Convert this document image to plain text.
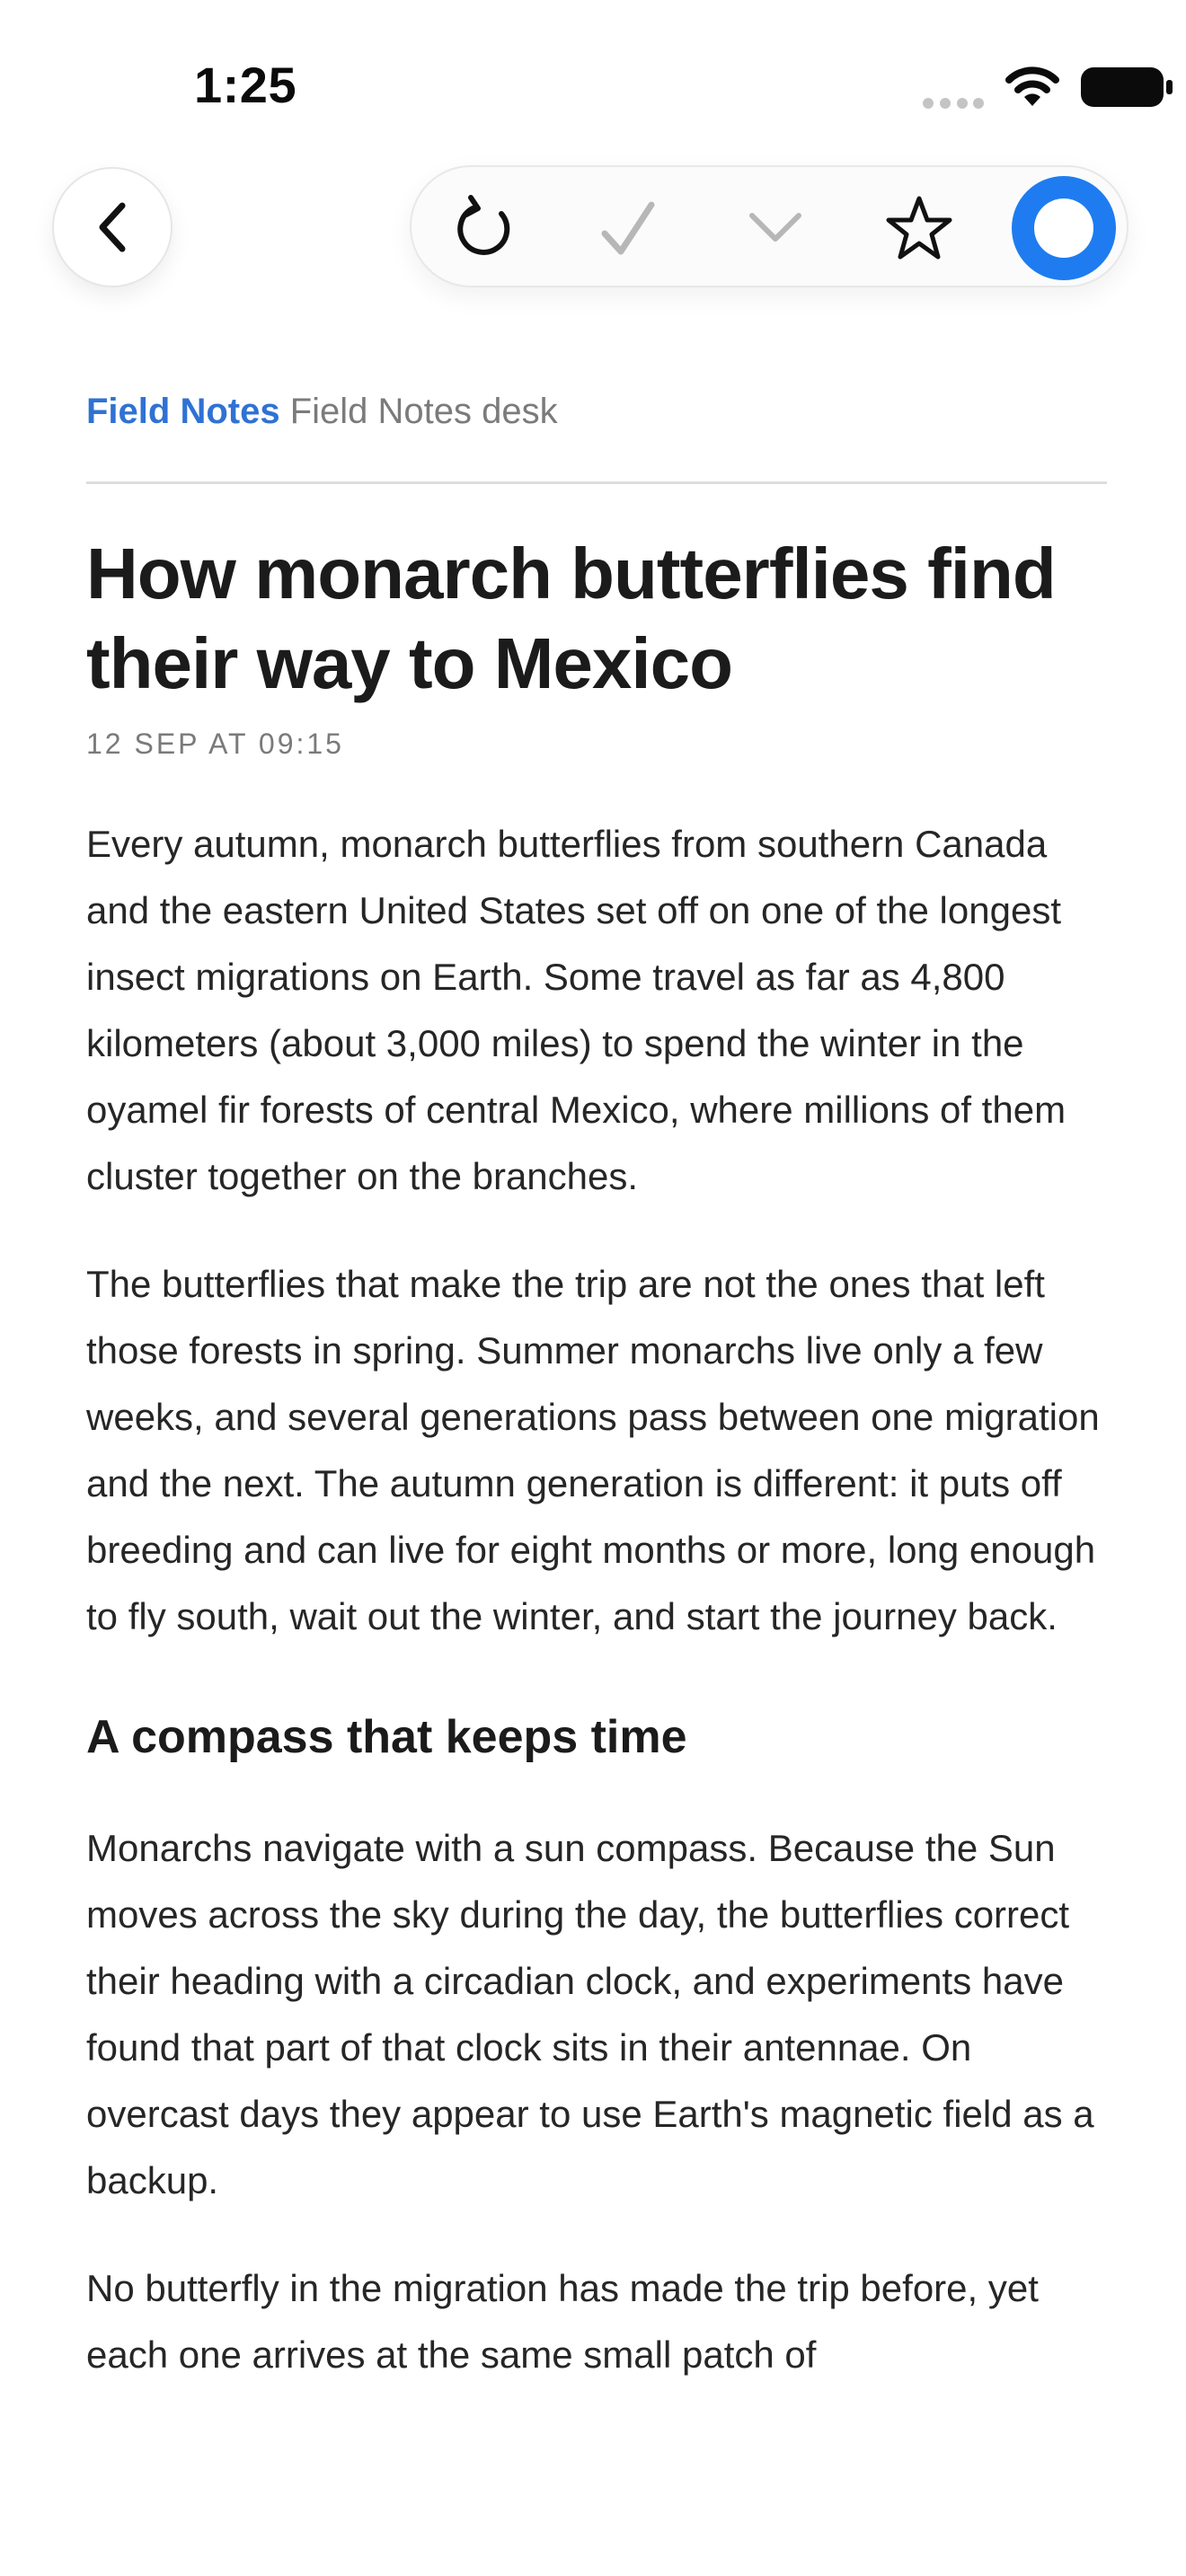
1:25
Field Notes Field Notes desk
How monarch butterflies find their way to Mexico
12 SEP AT 09:15

Every autumn, monarch butterflies from southern Canada and the eastern United States set off on one of the longest insect migrations on Earth. Some travel as far as 4,800 kilometers (about 3,000 miles) to spend the winter in the oyamel fir forests of central Mexico, where millions of them cluster together on the branches.

The butterflies that make the trip are not the ones that left those forests in spring. Summer monarchs live only a few weeks, and several generations pass between one migration and the next. The autumn generation is different: it puts off breeding and can live for eight months or more, long enough to fly south, wait out the winter, and start the journey back.

A compass that keeps time

Monarchs navigate with a sun compass. Because the Sun moves across the sky during the day, the butterflies correct their heading with a circadian clock, and experiments have found that part of that clock sits in their antennae. On overcast days they appear to use Earth's magnetic field as a backup.

No butterfly in the migration has made the trip before, yet each one arrives at the same small patch of
